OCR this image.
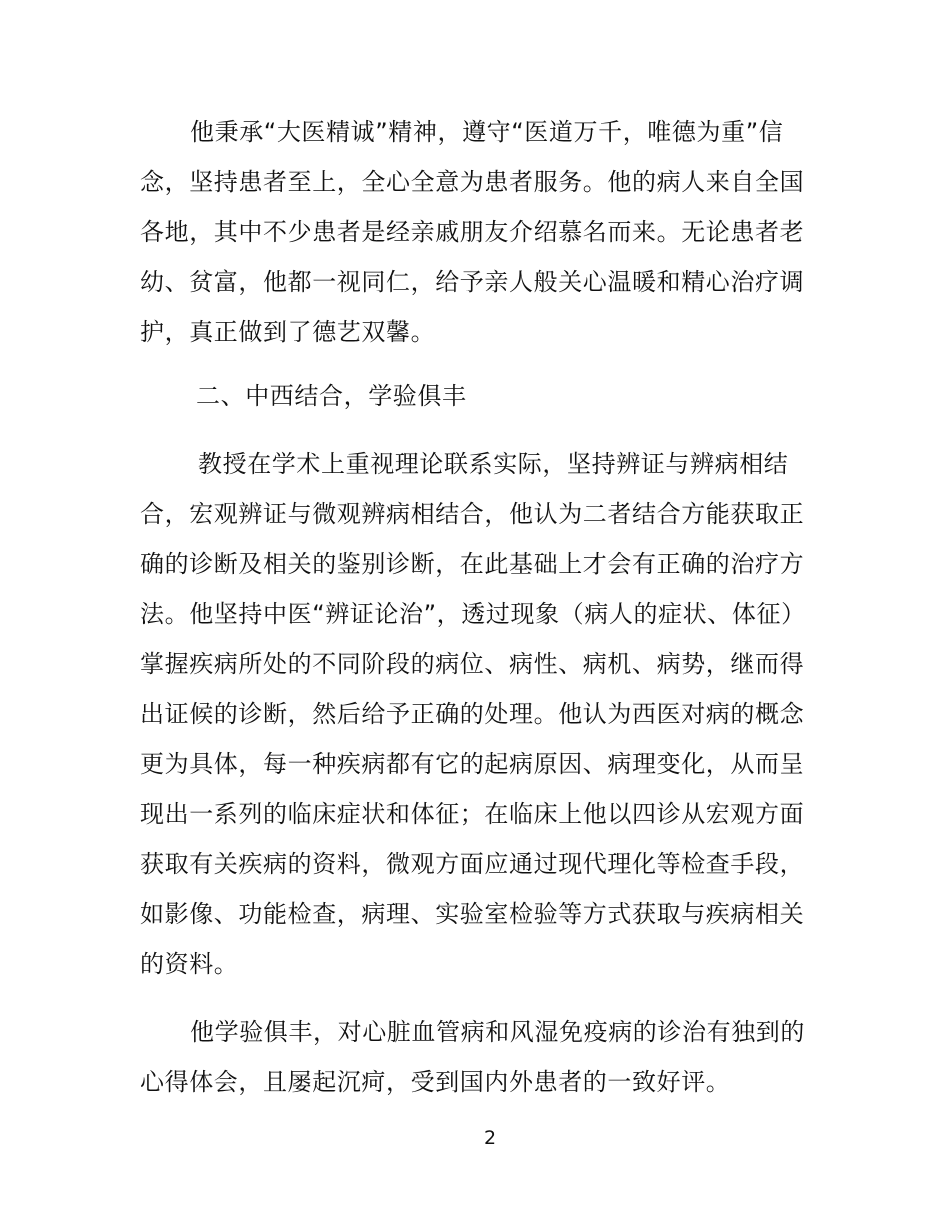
他秉承“大医精诚”精神，遵守“医道万千，唯德为重”信
念，坚持患者至上，全心全意为患者服务。他的病人来自全国
各地，其中不少患者是经亲戚朋友介绍慕名而来。无论患者老
幼、贫富，他都一视同仁，给予亲人般关心温暖和精心治疗调
护，真正做到了德艺双馨。
二、中西结合，学验俱丰
教授在学术上重视理论联系实际，坚持辨证与辨病相结
合，宏观辨证与微观辨病相结合，他认为二者结合方能获取正
确的诊断及相关的鉴别诊断，在此基础上才会有正确的治疗方
法。他坚持中医“辨证论治”，透过现象（病人的症状、体征）
掌握疾病所处的不同阶段的病位、病性、病机、病势，继而得
出证候的诊断，然后给予正确的处理。他认为西医对病的概念
更为具体，每一种疾病都有它的起病原因、病理变化，从而呈
现出一系列的临床症状和体征；在临床上他以四诊从宏观方面
获取有关疾病的资料，微观方面应通过现代理化等检查手段，
如影像、功能检查，病理、实验室检验等方式获取与疾病相关
的资料。
他学验俱丰，对心脏血管病和风湿免疫病的诊治有独到的
心得体会，且屡起沉疴，受到国内外患者的一致好评。
2
